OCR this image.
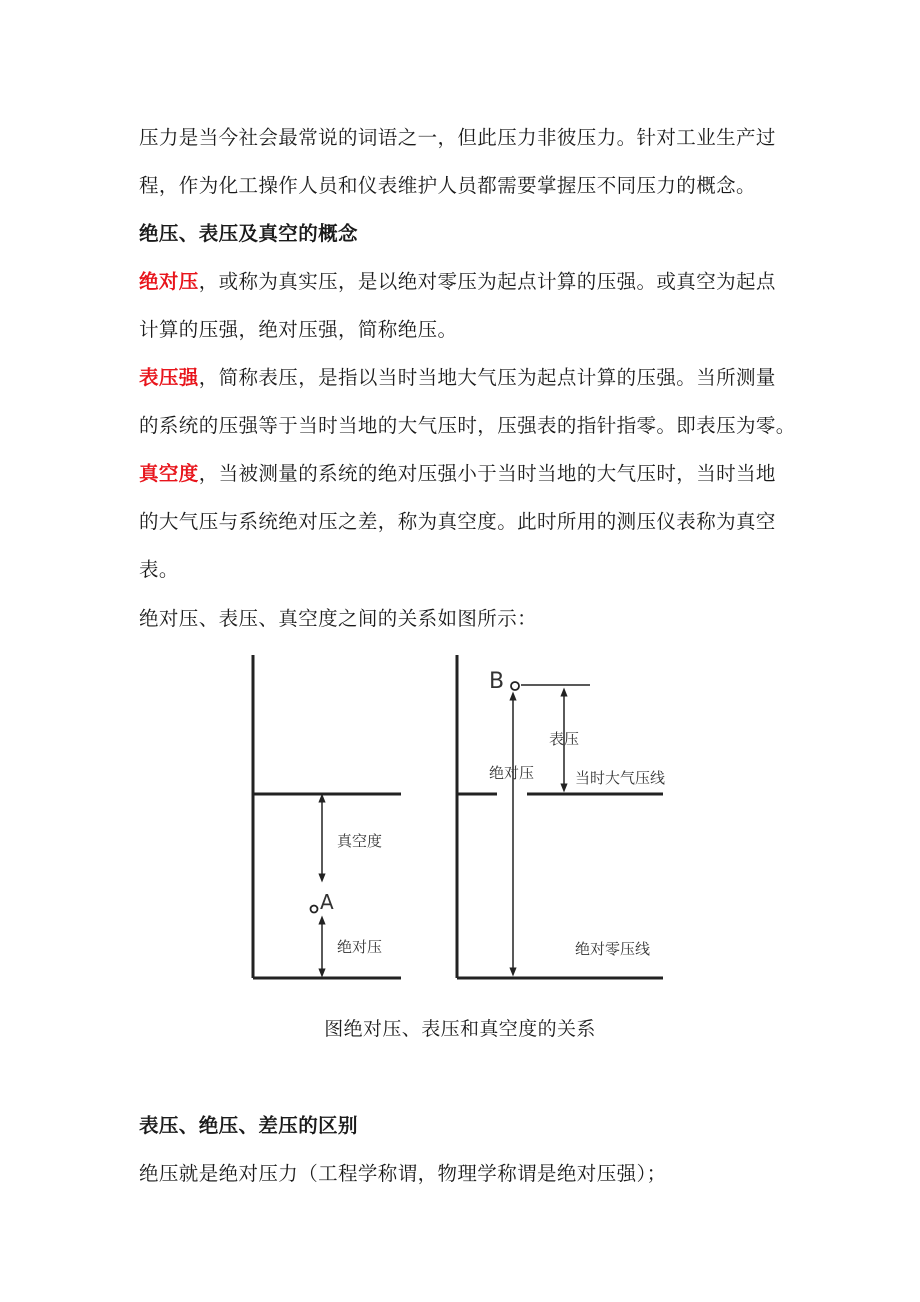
压力是当今社会最常说的词语之一，但此压力非彼压力。针对工业生产过
程，作为化工操作人员和仪表维护人员都需要掌握压不同压力的概念。
绝压、表压及真空的概念
绝对压，或称为真实压，是以绝对零压为起点计算的压强。或真空为起点
计算的压强，绝对压强，简称绝压。
表压强，简称表压，是指以当时当地大气压为起点计算的压强。当所测量
的系统的压强等于当时当地的大气压时，压强表的指针指零。即表压为零。
真空度，当被测量的系统的绝对压强小于当时当地的大气压时，当时当地
的大气压与系统绝对压之差，称为真空度。此时所用的测压仪表称为真空
表。
绝对压、表压、真空度之间的关系如图所示：
真空度
A
绝对压
B
表压
绝对压	当时大气压线
绝对零压线
图绝对压、表压和真空度的关系
表压、绝压、差压的区别
绝压就是绝对压力（工程学称谓，物理学称谓是绝对压强）；
